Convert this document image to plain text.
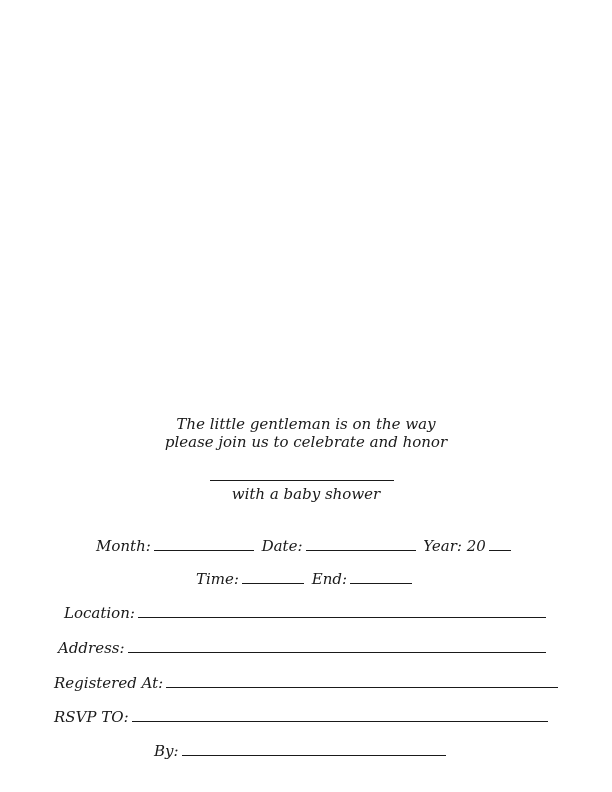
The little gentleman is on the way
please join us to celebrate and honor
with a baby shower
Month:	Date:	Year: 20
Time:	End:
Location:
Address:
Registered At:
RSVP TO:
By:
